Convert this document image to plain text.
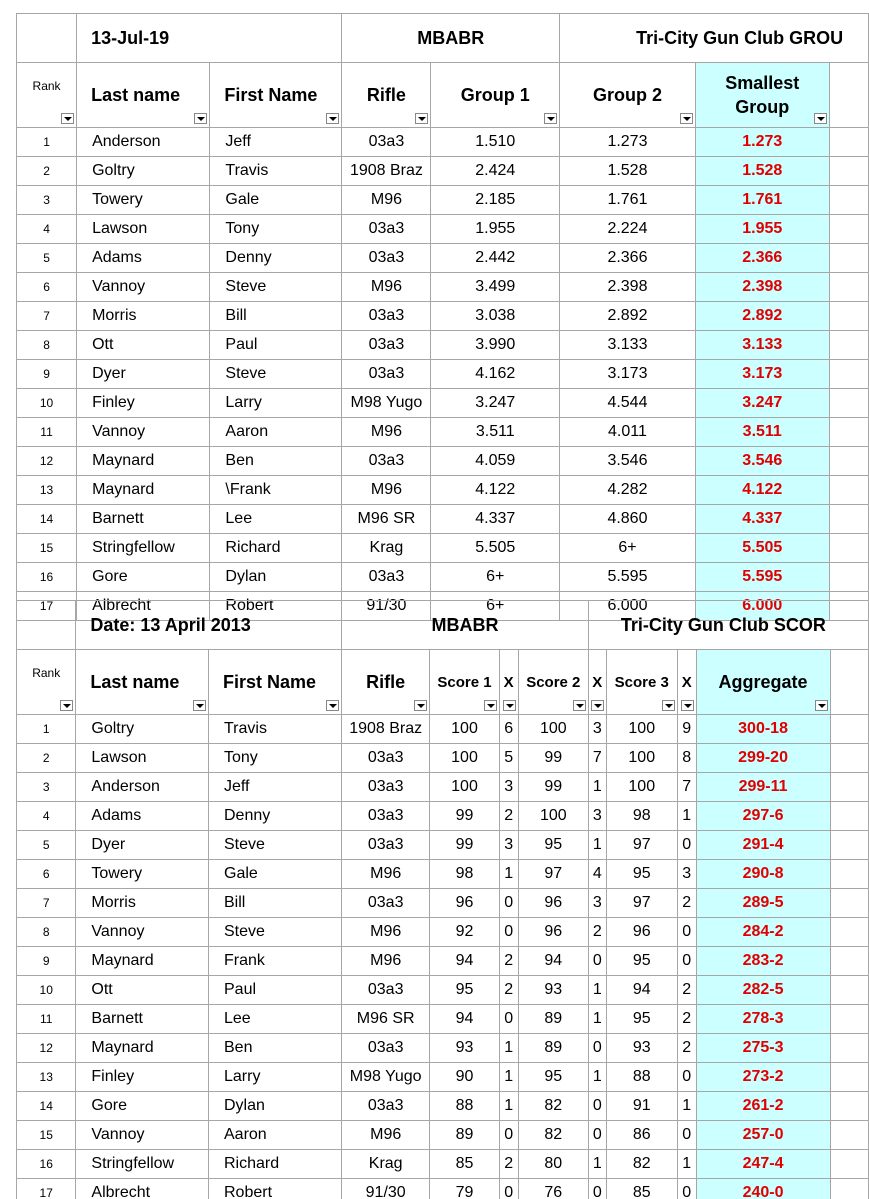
	13-Jul-19		MBABR		Tri-City Gun Club GROU		
Rank	Last name	First Name	Rifle	Group 1	Group 2	Smallest
Group

1	Anderson	Jeff	03a3	1.510	1.273	1.273	
2	Goltry	Travis	1908 Braz	2.424	1.528	1.528	
3	Towery	Gale	M96	2.185	1.761	1.761	
4	Lawson	Tony	03a3	1.955	2.224	1.955	
5	Adams	Denny	03a3	2.442	2.366	2.366	
6	Vannoy	Steve	M96	3.499	2.398	2.398	
7	Morris	Bill	03a3	3.038	2.892	2.892	
8	Ott	Paul	03a3	3.990	3.133	3.133	
9	Dyer	Steve	03a3	4.162	3.173	3.173	
10	Finley	Larry	M98 Yugo	3.247	4.544	3.247	
11	Vannoy	Aaron	M96	3.511	4.011	3.511	
12	Maynard	Ben	03a3	4.059	3.546	3.546	
13	Maynard	\Frank	M96	4.122	4.282	4.122	
14	Barnett	Lee	M96 SR	4.337	4.860	4.337	
15	Stringfellow	Richard	Krag	5.505	6+	5.505	
16	Gore	Dylan	03a3	6+	5.595	5.595	
17	Albrecht	Robert	91/30	6+	6.000	6.000	
	Date: 13 April 2013		MBABR				Tri-City Gun Club SCOR				
Rank	Last name	First Name	Rifle	Score 1	X	Score 2	X	Score 3	X	Aggregate

1	Goltry	Travis	1908 Braz	100	6	100	3	100	9	300-18	
2	Lawson	Tony	03a3	100	5	99	7	100	8	299-20	
3	Anderson	Jeff	03a3	100	3	99	1	100	7	299-11	
4	Adams	Denny	03a3	99	2	100	3	98	1	297-6	
5	Dyer	Steve	03a3	99	3	95	1	97	0	291-4	
6	Towery	Gale	M96	98	1	97	4	95	3	290-8	
7	Morris	Bill	03a3	96	0	96	3	97	2	289-5	
8	Vannoy	Steve	M96	92	0	96	2	96	0	284-2	
9	Maynard	Frank	M96	94	2	94	0	95	0	283-2	
10	Ott	Paul	03a3	95	2	93	1	94	2	282-5	
11	Barnett	Lee	M96 SR	94	0	89	1	95	2	278-3	
12	Maynard	Ben	03a3	93	1	89	0	93	2	275-3	
13	Finley	Larry	M98 Yugo	90	1	95	1	88	0	273-2	
14	Gore	Dylan	03a3	88	1	82	0	91	1	261-2	
15	Vannoy	Aaron	M96	89	0	82	0	86	0	257-0	
16	Stringfellow	Richard	Krag	85	2	80	1	82	1	247-4	
17	Albrecht	Robert	91/30	79	0	76	0	85	0	240-0	
